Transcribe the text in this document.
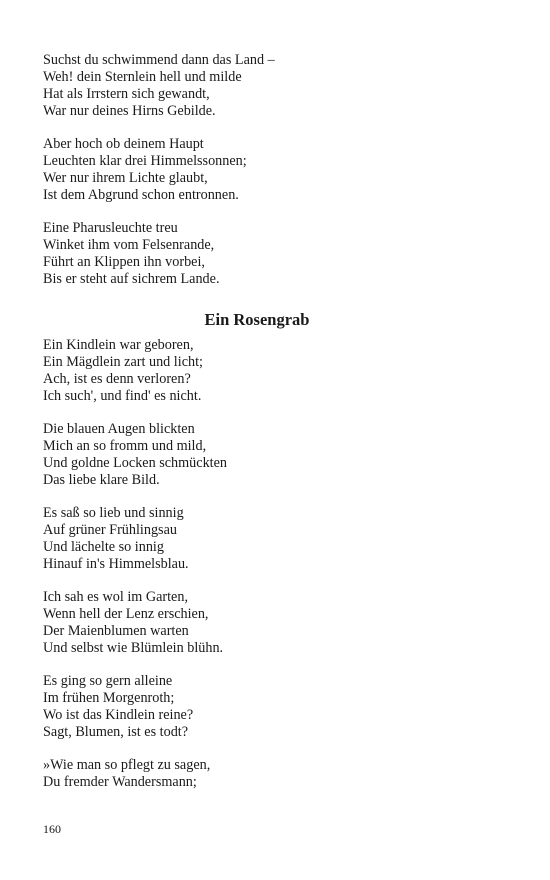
Suchst du schwimmend dann das Land –
Weh! dein Sternlein hell und milde
Hat als Irrstern sich gewandt,
War nur deines Hirns Gebilde.
Aber hoch ob deinem Haupt
Leuchten klar drei Himmelssonnen;
Wer nur ihrem Lichte glaubt,
Ist dem Abgrund schon entronnen.
Eine Pharusleuchte treu
Winket ihm vom Felsenrande,
Führt an Klippen ihn vorbei,
Bis er steht auf sichrem Lande.
Ein Rosengrab
Ein Kindlein war geboren,
Ein Mägdlein zart und licht;
Ach, ist es denn verloren?
Ich such', und find' es nicht.
Die blauen Augen blickten
Mich an so fromm und mild,
Und goldne Locken schmückten
Das liebe klare Bild.
Es saß so lieb und sinnig
Auf grüner Frühlingsau
Und lächelte so innig
Hinauf in's Himmelsblau.
Ich sah es wol im Garten,
Wenn hell der Lenz erschien,
Der Maienblumen warten
Und selbst wie Blümlein blühn.
Es ging so gern alleine
Im frühen Morgenroth;
Wo ist das Kindlein reine?
Sagt, Blumen, ist es todt?
»Wie man so pflegt zu sagen,
Du fremder Wandersmann;
160
